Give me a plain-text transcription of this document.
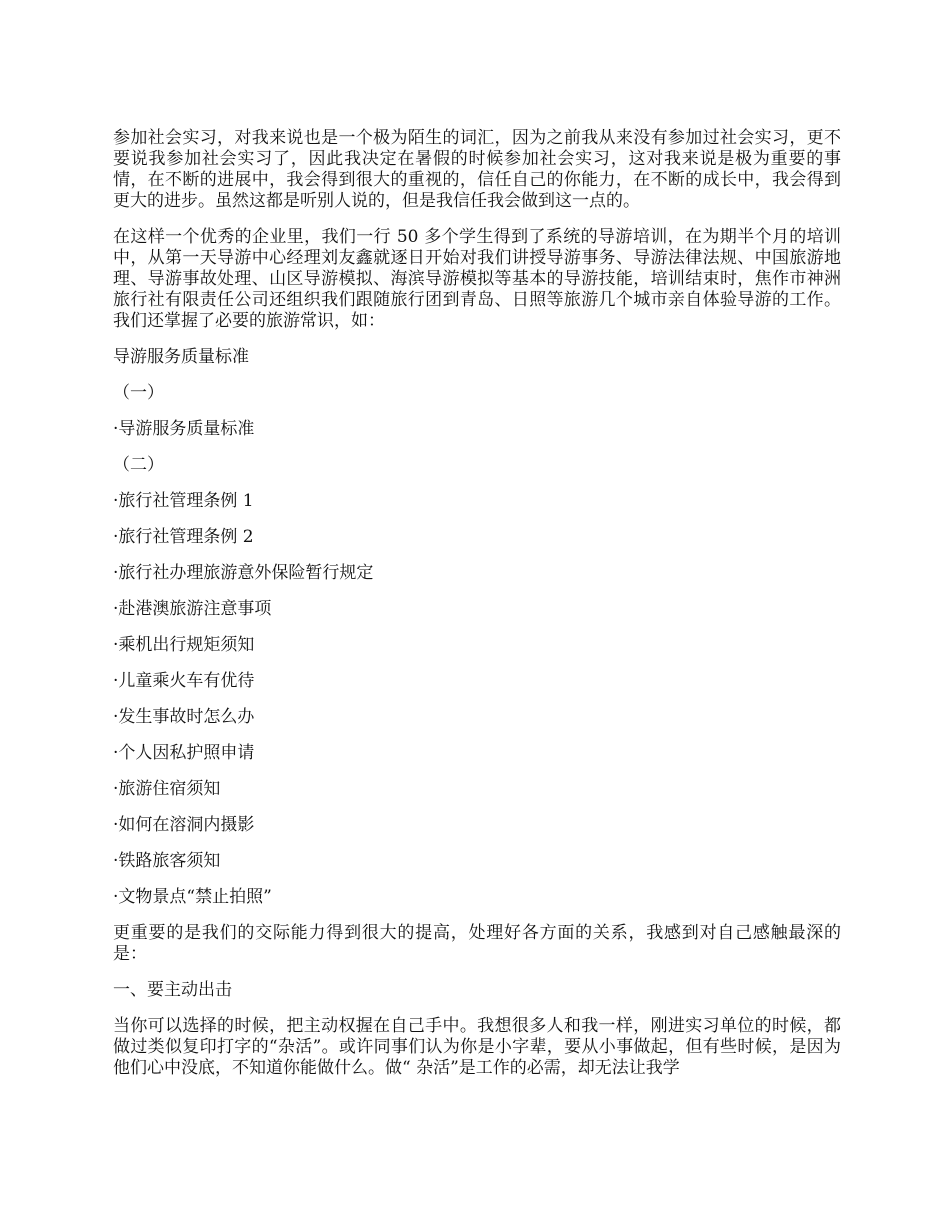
参加社会实习，对我来说也是一个极为陌生的词汇，因为之前我从来没有参加过社会实习，更不要说我参加社会实习了，因此我决定在暑假的时候参加社会实习，这对我来说是极为重要的事情，在不断的进展中，我会得到很大的重视的，信任自己的你能力，在不断的成长中，我会得到更大的进步。虽然这都是听别人说的，但是我信任我会做到这一点的。

在这样一个优秀的企业里，我们一行 50 多个学生得到了系统的导游培训，在为期半个月的培训中，从第一天导游中心经理刘友鑫就逐日开始对我们讲授导游事务、导游法律法规、中国旅游地理、导游事故处理、山区导游模拟、海滨导游模拟等基本的导游技能，培训结束时，焦作市神洲旅行社有限责任公司还组织我们跟随旅行团到青岛、日照等旅游几个城市亲自体验导游的工作。我们还掌握了必要的旅游常识，如：

导游服务质量标准

（一）

·导游服务质量标准

（二）

·旅行社管理条例 1

·旅行社管理条例 2

·旅行社办理旅游意外保险暂行规定

·赴港澳旅游注意事项

·乘机出行规矩须知

·儿童乘火车有优待

·发生事故时怎么办

·个人因私护照申请

·旅游住宿须知

·如何在溶洞内摄影

·铁路旅客须知

·文物景点“禁止拍照”

更重要的是我们的交际能力得到很大的提高，处理好各方面的关系，我感到对自己感触最深的是：

一、要主动出击

当你可以选择的时候，把主动权握在自己手中。我想很多人和我一样，刚进实习单位的时候，都做过类似复印打字的“杂活”。或许同事们认为你是小字辈，要从小事做起，但有些时候，是因为他们心中没底，不知道你能做什么。做“ 杂活”是工作的必需，却无法让我学
